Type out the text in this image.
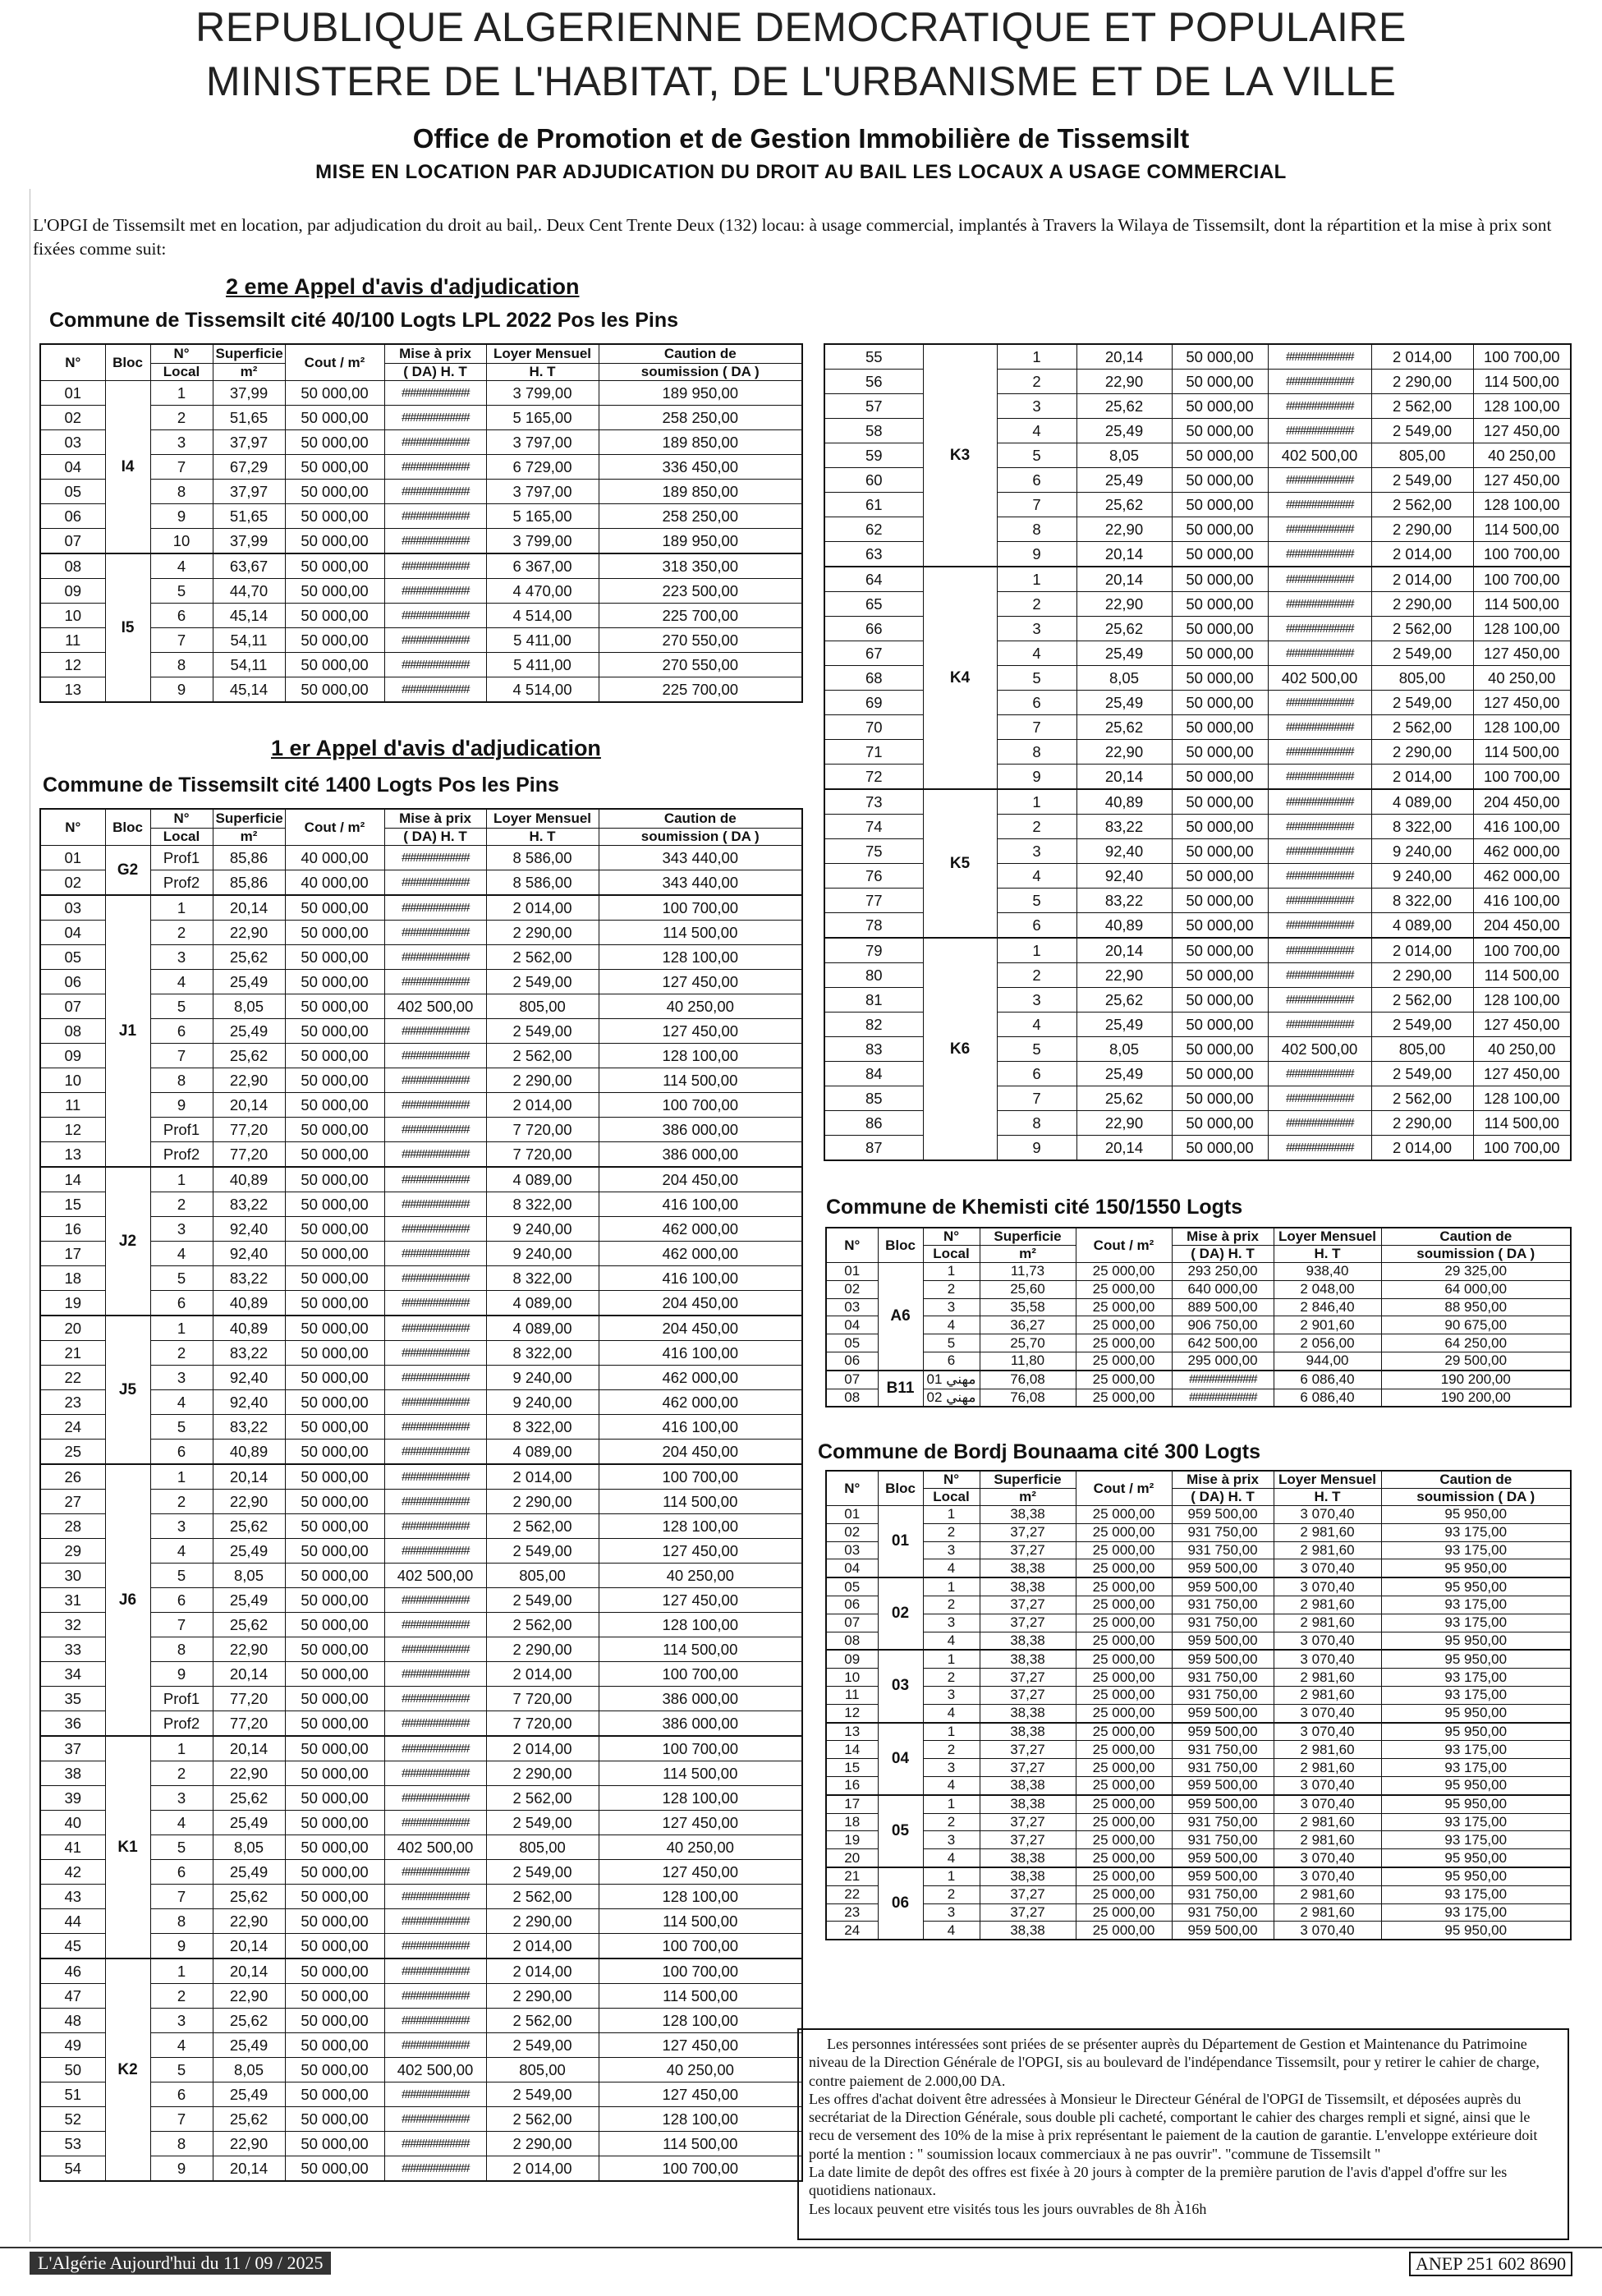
REPUBLIQUE ALGERIENNE DEMOCRATIQUE ET POPULAIRE
MINISTERE DE L'HABITAT, DE L'URBANISME ET DE LA VILLE
Office de Promotion et de Gestion Immobilière de Tissemsilt
MISE EN LOCATION PAR ADJUDICATION DU DROIT AU BAIL LES LOCAUX A USAGE COMMERCIAL
L'OPGI de Tissemsilt met en location, par adjudication du droit au bail,. Deux Cent Trente Deux (132) locau: à usage commercial, implantés à Travers la Wilaya de Tissemsilt, dont la répartition et la mise à prix sont fixées comme suit:
2 eme Appel d'avis d'adjudication
Commune de Tissemsilt cité 40/100 Logts LPL 2022 Pos les Pins
N°	Bloc	N°	Superficie	Cout / m²	Mise à prix	Loyer Mensuel	Caution de
		Local	m²		( DA) H. T	H. T	soumission ( DA )
01	I4	1	37,99	50 000,00	############	3 799,00	189 950,00
02		2	51,65	50 000,00	############	5 165,00	258 250,00
03		3	37,97	50 000,00	############	3 797,00	189 850,00
04		7	67,29	50 000,00	############	6 729,00	336 450,00
05		8	37,97	50 000,00	############	3 797,00	189 850,00
06		9	51,65	50 000,00	############	5 165,00	258 250,00
07		10	37,99	50 000,00	############	3 799,00	189 950,00
08	I5	4	63,67	50 000,00	############	6 367,00	318 350,00
09		5	44,70	50 000,00	############	4 470,00	223 500,00
10		6	45,14	50 000,00	############	4 514,00	225 700,00
11		7	54,11	50 000,00	############	5 411,00	270 550,00
12		8	54,11	50 000,00	############	5 411,00	270 550,00
13		9	45,14	50 000,00	############	4 514,00	225 700,00
1 er Appel d'avis d'adjudication
Commune de Tissemsilt cité 1400 Logts Pos les Pins
N°	Bloc	N°	Superficie	Cout / m²	Mise à prix	Loyer Mensuel	Caution de
		Local	m²		( DA) H. T	H. T	soumission ( DA )
01	G2	Prof1	85,86	40 000,00	############	8 586,00	343 440,00
02		Prof2	85,86	40 000,00	############	8 586,00	343 440,00
03	J1	1	20,14	50 000,00	############	2 014,00	100 700,00
04		2	22,90	50 000,00	############	2 290,00	114 500,00
05		3	25,62	50 000,00	############	2 562,00	128 100,00
06		4	25,49	50 000,00	############	2 549,00	127 450,00
07		5	8,05	50 000,00	402 500,00	805,00	40 250,00
08		6	25,49	50 000,00	############	2 549,00	127 450,00
09		7	25,62	50 000,00	############	2 562,00	128 100,00
10		8	22,90	50 000,00	############	2 290,00	114 500,00
11		9	20,14	50 000,00	############	2 014,00	100 700,00
12		Prof1	77,20	50 000,00	############	7 720,00	386 000,00
13		Prof2	77,20	50 000,00	############	7 720,00	386 000,00
14	J2	1	40,89	50 000,00	############	4 089,00	204 450,00
15		2	83,22	50 000,00	############	8 322,00	416 100,00
16		3	92,40	50 000,00	############	9 240,00	462 000,00
17		4	92,40	50 000,00	############	9 240,00	462 000,00
18		5	83,22	50 000,00	############	8 322,00	416 100,00
19		6	40,89	50 000,00	############	4 089,00	204 450,00
20	J5	1	40,89	50 000,00	############	4 089,00	204 450,00
21		2	83,22	50 000,00	############	8 322,00	416 100,00
22		3	92,40	50 000,00	############	9 240,00	462 000,00
23		4	92,40	50 000,00	############	9 240,00	462 000,00
24		5	83,22	50 000,00	############	8 322,00	416 100,00
25		6	40,89	50 000,00	############	4 089,00	204 450,00
26	J6	1	20,14	50 000,00	############	2 014,00	100 700,00
27		2	22,90	50 000,00	############	2 290,00	114 500,00
28		3	25,62	50 000,00	############	2 562,00	128 100,00
29		4	25,49	50 000,00	############	2 549,00	127 450,00
30		5	8,05	50 000,00	402 500,00	805,00	40 250,00
31		6	25,49	50 000,00	############	2 549,00	127 450,00
32		7	25,62	50 000,00	############	2 562,00	128 100,00
33		8	22,90	50 000,00	############	2 290,00	114 500,00
34		9	20,14	50 000,00	############	2 014,00	100 700,00
35		Prof1	77,20	50 000,00	############	7 720,00	386 000,00
36		Prof2	77,20	50 000,00	############	7 720,00	386 000,00
37	K1	1	20,14	50 000,00	############	2 014,00	100 700,00
38		2	22,90	50 000,00	############	2 290,00	114 500,00
39		3	25,62	50 000,00	############	2 562,00	128 100,00
40		4	25,49	50 000,00	############	2 549,00	127 450,00
41		5	8,05	50 000,00	402 500,00	805,00	40 250,00
42		6	25,49	50 000,00	############	2 549,00	127 450,00
43		7	25,62	50 000,00	############	2 562,00	128 100,00
44		8	22,90	50 000,00	############	2 290,00	114 500,00
45		9	20,14	50 000,00	############	2 014,00	100 700,00
46	K2	1	20,14	50 000,00	############	2 014,00	100 700,00
47		2	22,90	50 000,00	############	2 290,00	114 500,00
48		3	25,62	50 000,00	############	2 562,00	128 100,00
49		4	25,49	50 000,00	############	2 549,00	127 450,00
50		5	8,05	50 000,00	402 500,00	805,00	40 250,00
51		6	25,49	50 000,00	############	2 549,00	127 450,00
52		7	25,62	50 000,00	############	2 562,00	128 100,00
53		8	22,90	50 000,00	############	2 290,00	114 500,00
54		9	20,14	50 000,00	############	2 014,00	100 700,00
55	K3	1	20,14	50 000,00	############	2 014,00	100 700,00
56		2	22,90	50 000,00	############	2 290,00	114 500,00
57		3	25,62	50 000,00	############	2 562,00	128 100,00
58		4	25,49	50 000,00	############	2 549,00	127 450,00
59		5	8,05	50 000,00	402 500,00	805,00	40 250,00
60		6	25,49	50 000,00	############	2 549,00	127 450,00
61		7	25,62	50 000,00	############	2 562,00	128 100,00
62		8	22,90	50 000,00	############	2 290,00	114 500,00
63		9	20,14	50 000,00	############	2 014,00	100 700,00
64	K4	1	20,14	50 000,00	############	2 014,00	100 700,00
65		2	22,90	50 000,00	############	2 290,00	114 500,00
66		3	25,62	50 000,00	############	2 562,00	128 100,00
67		4	25,49	50 000,00	############	2 549,00	127 450,00
68		5	8,05	50 000,00	402 500,00	805,00	40 250,00
69		6	25,49	50 000,00	############	2 549,00	127 450,00
70		7	25,62	50 000,00	############	2 562,00	128 100,00
71		8	22,90	50 000,00	############	2 290,00	114 500,00
72		9	20,14	50 000,00	############	2 014,00	100 700,00
73	K5	1	40,89	50 000,00	############	4 089,00	204 450,00
74		2	83,22	50 000,00	############	8 322,00	416 100,00
75		3	92,40	50 000,00	############	9 240,00	462 000,00
76		4	92,40	50 000,00	############	9 240,00	462 000,00
77		5	83,22	50 000,00	############	8 322,00	416 100,00
78		6	40,89	50 000,00	############	4 089,00	204 450,00
79	K6	1	20,14	50 000,00	############	2 014,00	100 700,00
80		2	22,90	50 000,00	############	2 290,00	114 500,00
81		3	25,62	50 000,00	############	2 562,00	128 100,00
82		4	25,49	50 000,00	############	2 549,00	127 450,00
83		5	8,05	50 000,00	402 500,00	805,00	40 250,00
84		6	25,49	50 000,00	############	2 549,00	127 450,00
85		7	25,62	50 000,00	############	2 562,00	128 100,00
86		8	22,90	50 000,00	############	2 290,00	114 500,00
87		9	20,14	50 000,00	############	2 014,00	100 700,00
Commune de Khemisti cité 150/1550 Logts
N°	Bloc	N°	Superficie	Cout / m²	Mise à prix	Loyer Mensuel	Caution de
		Local	m²		( DA) H. T	H. T	soumission ( DA )
01	A6	1	11,73	25 000,00	293 250,00	938,40	29 325,00
02		2	25,60	25 000,00	640 000,00	2 048,00	64 000,00
03		3	35,58	25 000,00	889 500,00	2 846,40	88 950,00
04		4	36,27	25 000,00	906 750,00	2 901,60	90 675,00
05		5	25,70	25 000,00	642 500,00	2 056,00	64 250,00
06		6	11,80	25 000,00	295 000,00	944,00	29 500,00
07	B11	مهني 01	76,08	25 000,00	############	6 086,40	190 200,00
08		مهني 02	76,08	25 000,00	############	6 086,40	190 200,00
Commune de Bordj Bounaama cité 300 Logts
N°	Bloc	N°	Superficie	Cout / m²	Mise à prix	Loyer Mensuel	Caution de
		Local	m²		( DA) H. T	H. T	soumission ( DA )
01	01	1	38,38	25 000,00	959 500,00	3 070,40	95 950,00
02		2	37,27	25 000,00	931 750,00	2 981,60	93 175,00
03		3	37,27	25 000,00	931 750,00	2 981,60	93 175,00
04		4	38,38	25 000,00	959 500,00	3 070,40	95 950,00
05	02	1	38,38	25 000,00	959 500,00	3 070,40	95 950,00
06		2	37,27	25 000,00	931 750,00	2 981,60	93 175,00
07		3	37,27	25 000,00	931 750,00	2 981,60	93 175,00
08		4	38,38	25 000,00	959 500,00	3 070,40	95 950,00
09	03	1	38,38	25 000,00	959 500,00	3 070,40	95 950,00
10		2	37,27	25 000,00	931 750,00	2 981,60	93 175,00
11		3	37,27	25 000,00	931 750,00	2 981,60	93 175,00
12		4	38,38	25 000,00	959 500,00	3 070,40	95 950,00
13	04	1	38,38	25 000,00	959 500,00	3 070,40	95 950,00
14		2	37,27	25 000,00	931 750,00	2 981,60	93 175,00
15		3	37,27	25 000,00	931 750,00	2 981,60	93 175,00
16		4	38,38	25 000,00	959 500,00	3 070,40	95 950,00
17	05	1	38,38	25 000,00	959 500,00	3 070,40	95 950,00
18		2	37,27	25 000,00	931 750,00	2 981,60	93 175,00
19		3	37,27	25 000,00	931 750,00	2 981,60	93 175,00
20		4	38,38	25 000,00	959 500,00	3 070,40	95 950,00
21	06	1	38,38	25 000,00	959 500,00	3 070,40	95 950,00
22		2	37,27	25 000,00	931 750,00	2 981,60	93 175,00
23		3	37,27	25 000,00	931 750,00	2 981,60	93 175,00
24		4	38,38	25 000,00	959 500,00	3 070,40	95 950,00

Les personnes intéressées sont priées de se présenter auprès du Département de Gestion et Maintenance du Patrimoine niveau de la Direction Générale de l'OPGI, sis au boulevard de l'indépendance Tissemsilt, pour y retirer le cahier de charge, contre paiement de 2.000,00 DA.

Les offres d'achat doivent être adressées à Monsieur le Directeur Général de l'OPGI de Tissemsilt, et déposées auprès du secrétariat de la Direction Générale, sous double pli cacheté, comportant le cahier des charges rempli et signé, ainsi que le recu de versement des 10% de la mise à prix représentant le paiement de la caution de garantie. L'enveloppe extérieure doit porté la mention : " soumission locaux commerciaux à ne pas ouvrir". "commune de Tissemsilt "

La date limite de depôt des offres est fixée à 20 jours à compter de la première parution de l'avis d'appel d'offre sur les quotidiens nationaux.

Les locaux peuvent etre visités tous les jours ouvrables de 8h À16h

L'Algérie Aujourd'hui du 11 / 09 / 2025	ANEP 251 602 8690
